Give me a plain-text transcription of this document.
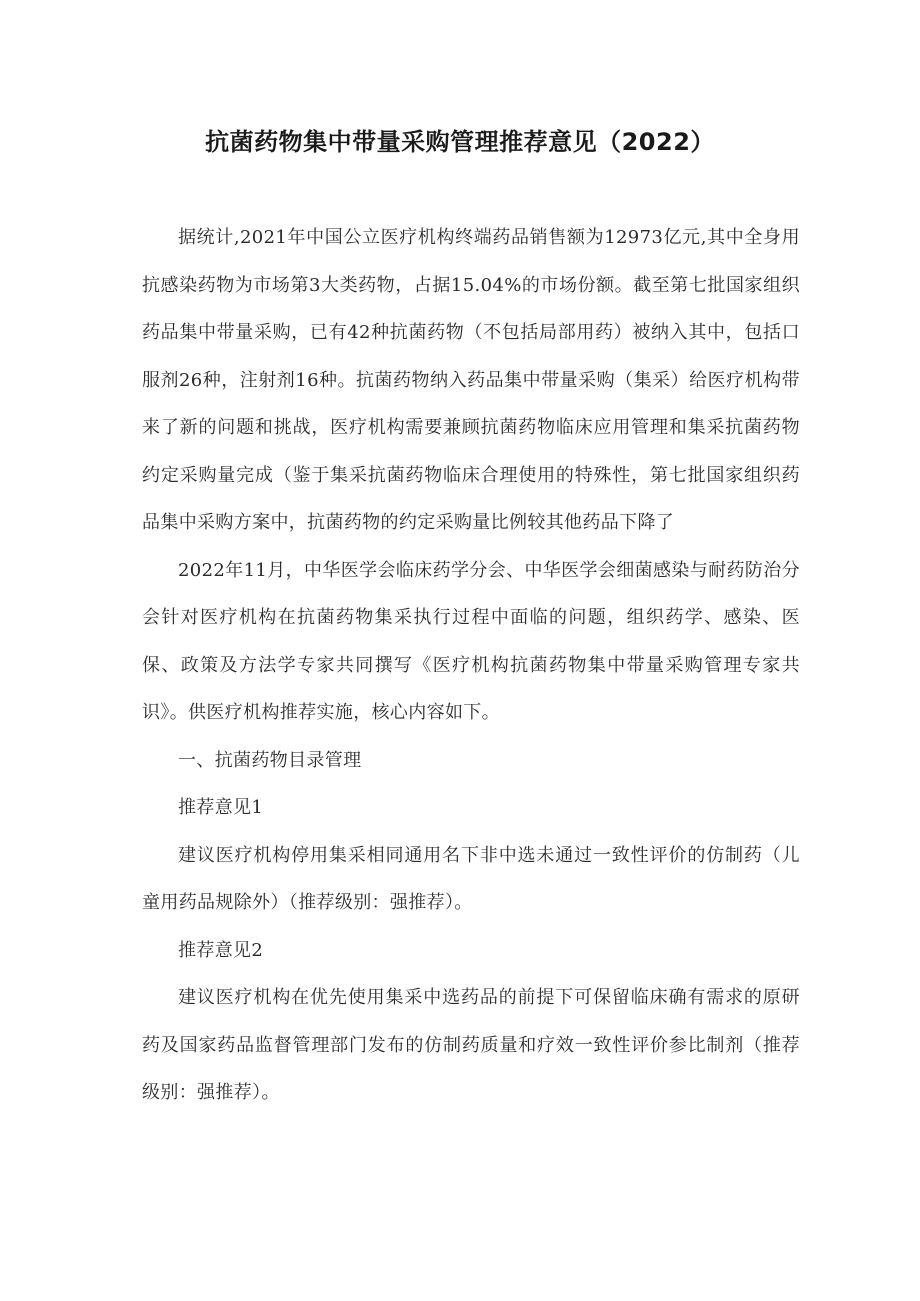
抗菌药物集中带量采购管理推荐意见（2022）

据统计,2021年中国公立医疗机构终端药品销售额为12973亿元,其中全身用抗感染药物为市场第3大类药物，占据15.04%的市场份额。截至第七批国家组织药品集中带量采购，已有42种抗菌药物（不包括局部用药）被纳入其中，包括口服剂26种，注射剂16种。抗菌药物纳入药品集中带量采购（集采）给医疗机构带来了新的问题和挑战，医疗机构需要兼顾抗菌药物临床应用管理和集采抗菌药物约定采购量完成（鉴于集采抗菌药物临床合理使用的特殊性，第七批国家组织药品集中采购方案中，抗菌药物的约定采购量比例较其他药品下降了

2022年11月，中华医学会临床药学分会、中华医学会细菌感染与耐药防治分会针对医疗机构在抗菌药物集采执行过程中面临的问题，组织药学、感染、医保、政策及方法学专家共同撰写《医疗机构抗菌药物集中带量采购管理专家共识》。供医疗机构推荐实施，核心内容如下。

一、抗菌药物目录管理

推荐意见1

建议医疗机构停用集采相同通用名下非中选未通过一致性评价的仿制药（儿童用药品规除外）（推荐级别：强推荐）。

推荐意见2

建议医疗机构在优先使用集采中选药品的前提下可保留临床确有需求的原研药及国家药品监督管理部门发布的仿制药质量和疗效一致性评价参比制剂（推荐级别：强推荐）。
